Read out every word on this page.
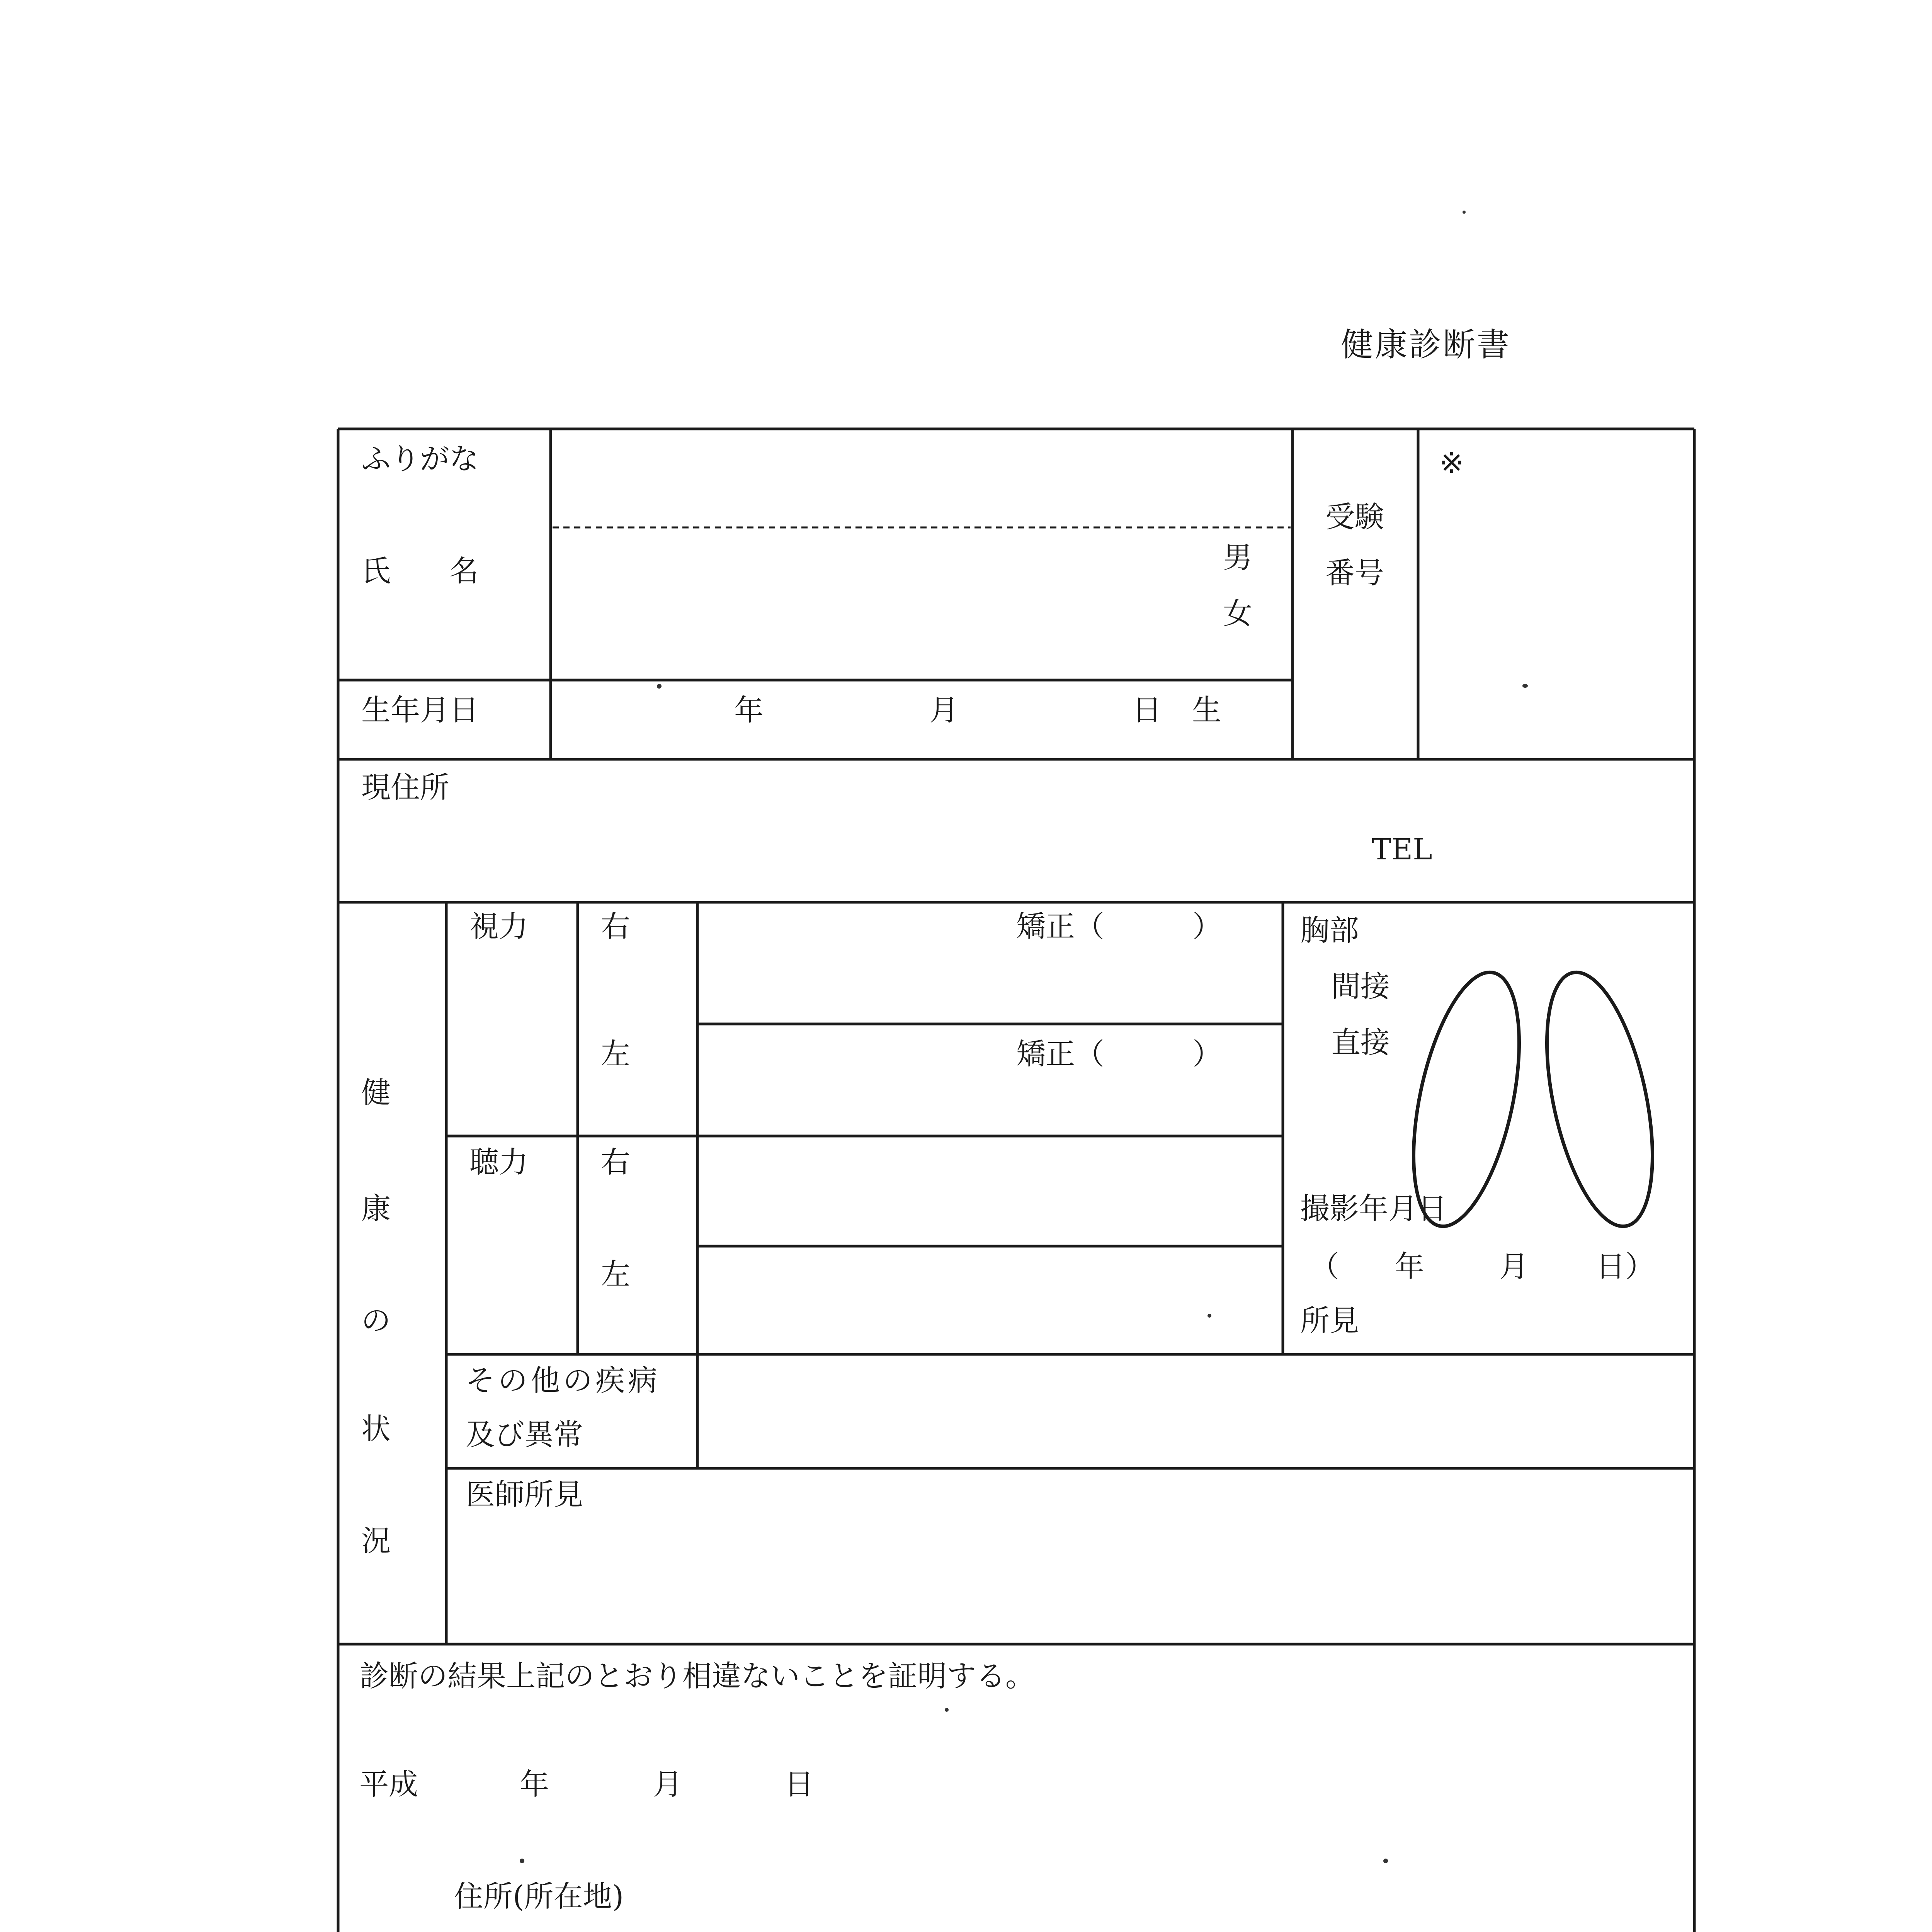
健康診断書
ふりがな
氏　　名	男
女
生年月日	年	月	日 生
受験
番号
※
現住所
TEL
健
康
の
状
況
視力 右	矯正（　　　）
左	矯正（　　　）
聴力 右
左
胸部
間接
直接
撮影年月日
（ 年	月 日）
所見
その他の疾病
及び異常
医師所見
診断の結果上記のとおり相違ないことを証明する。
平成	年	月	日
住所(所在地)
